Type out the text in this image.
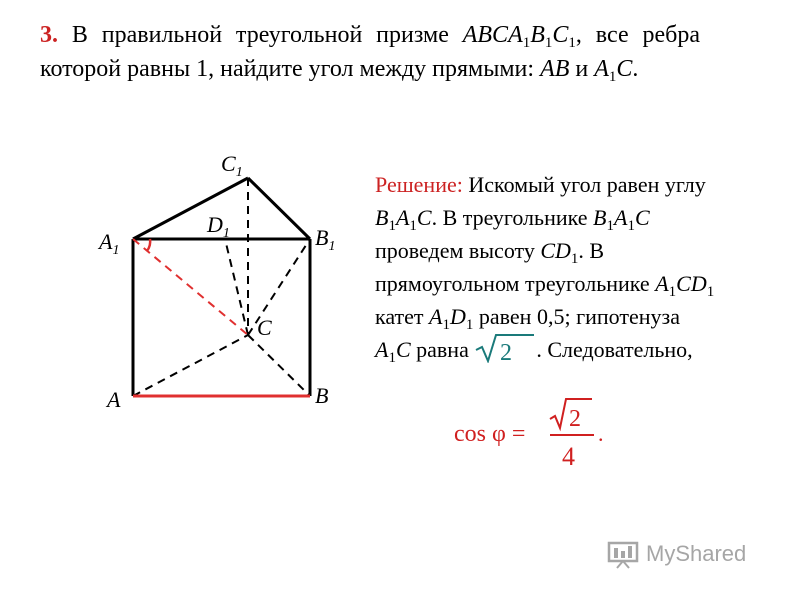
3. В правильной треугольной призме $ABCA_1B_1C_1$, все ребра которой равны 1, найдите угол между прямыми: AB и $A_1C$.
$C_1$
$A_1$
$D_1$	$B_1$
C
A	B
Решение: Искомый угол равен углу $B_1A_1C$. В треугольнике $B_1A_1C$ проведем высоту $CD_1$. В прямоугольном треугольнике $A_1CD_1$ катет $A_1D_1$ равен 0,5; гипотенуза $A_1C$ равна 2 . Следовательно,
cos φ =
2
4
.
MyShared
